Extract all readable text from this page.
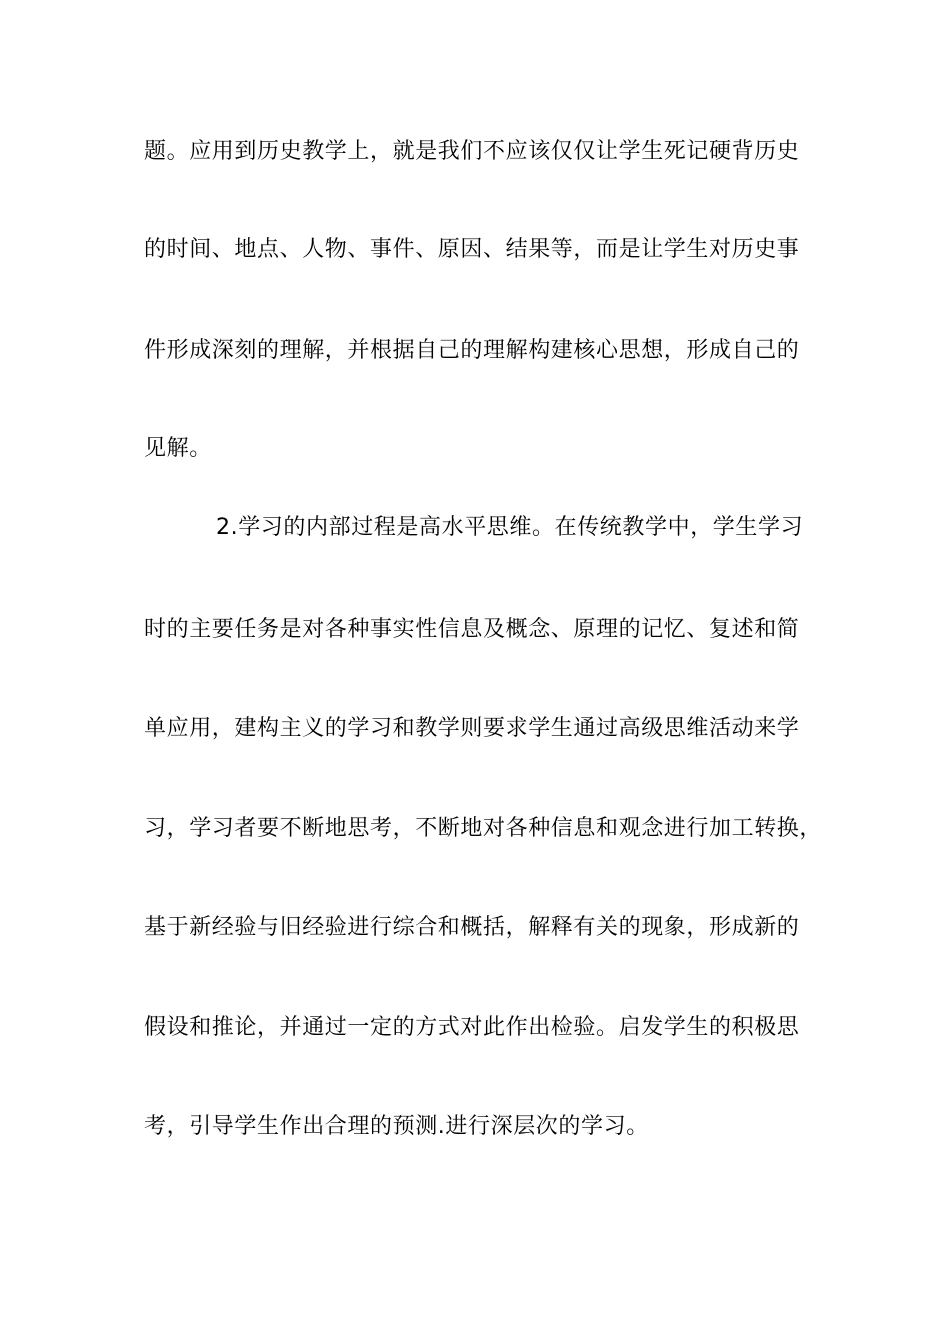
题。应用到历史教学上，就是我们不应该仅仅让学生死记硬背历史
的时间、地点、人物、事件、原因、结果等，而是让学生对历史事
件形成深刻的理解，并根据自己的理解构建核心思想，形成自己的
见解。
2.学习的内部过程是高水平思维。在传统教学中，学生学习
时的主要任务是对各种事实性信息及概念、原理的记忆、复述和简
单应用，建构主义的学习和教学则要求学生通过高级思维活动来学
习，学习者要不断地思考，不断地对各种信息和观念进行加工转换，
基于新经验与旧经验进行综合和概括，解释有关的现象，形成新的
假设和推论，并通过一定的方式对此作出检验。启发学生的积极思
考，引导学生作出合理的预测.进行深层次的学习。
